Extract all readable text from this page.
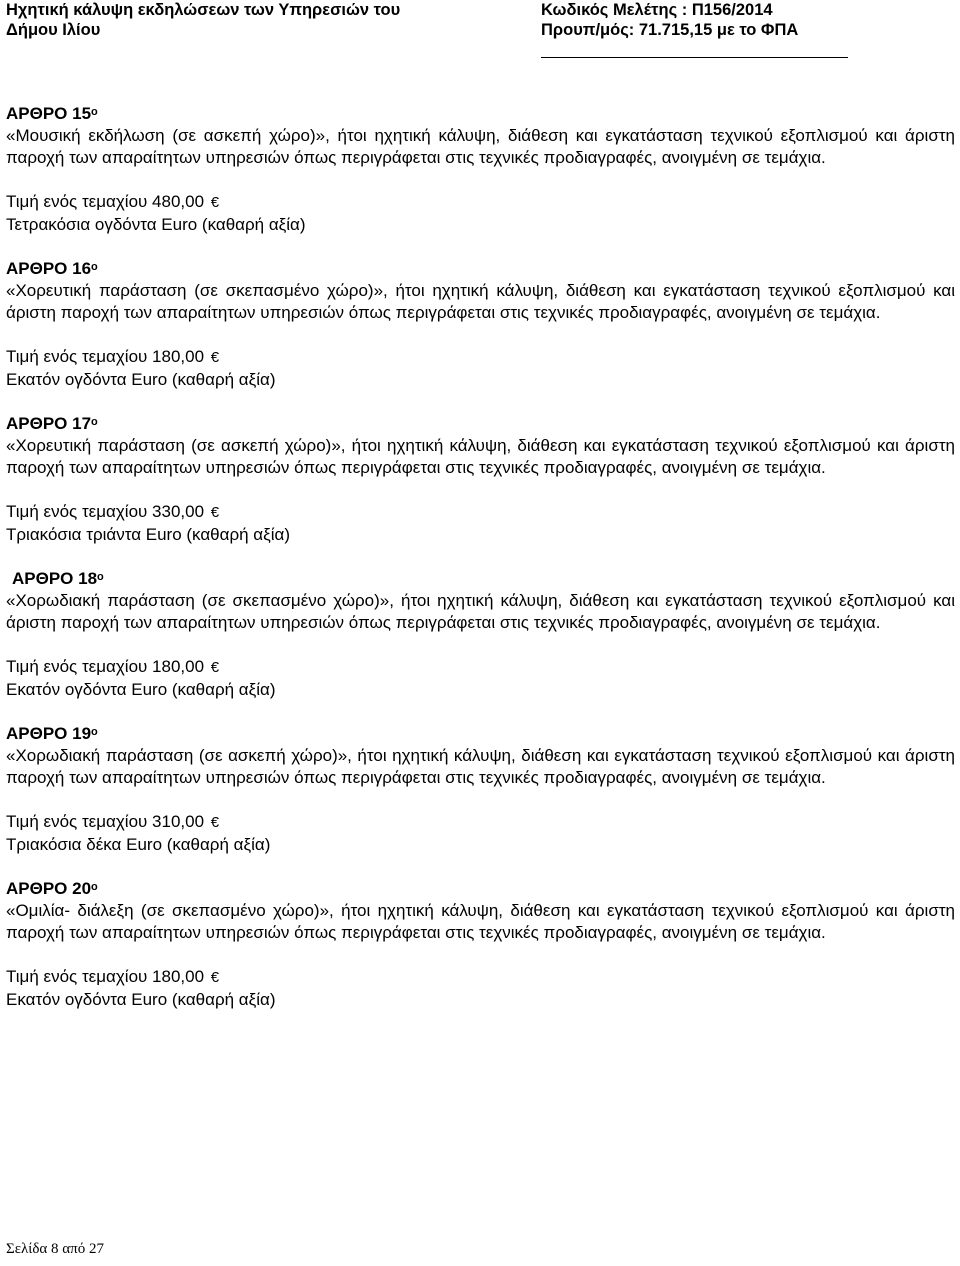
Ηχητική κάλυψη εκδηλώσεων των Υπηρεσιών του
Δήμου Ιλίου
Κωδικός Μελέτης : Π156/2014
Προυπ/μός: 71.715,15 με το ΦΠΑ
ΑΡΘΡΟ $15^o$
«Μουσική εκδήλωση (σε ασκεπή χώρο)», ήτοι ηχητική κάλυψη, διάθεση και εγκατάσταση τεχνικού εξοπλισμού και άριστη παροχή των απαραίτητων υπηρεσιών όπως περιγράφεται στις τεχνικές προδιαγραφές, ανοιγμένη σε τεμάχια.
Τιμή ενός τεμαχίου 480,00 €
Τετρακόσια ογδόντα Euro (καθαρή αξία)
ΑΡΘΡΟ $16^o$
«Χορευτική παράσταση (σε σκεπασμένο χώρο)», ήτοι ηχητική κάλυψη, διάθεση και εγκατάσταση τεχνικού εξοπλισμού και άριστη παροχή των απαραίτητων υπηρεσιών όπως περιγράφεται στις τεχνικές προδιαγραφές, ανοιγμένη σε τεμάχια.
Τιμή ενός τεμαχίου 180,00 €
Εκατόν ογδόντα Euro (καθαρή αξία)
ΑΡΘΡΟ $17^o$
«Χορευτική παράσταση (σε ασκεπή χώρο)», ήτοι ηχητική κάλυψη, διάθεση και εγκατάσταση τεχνικού εξοπλισμού και άριστη παροχή των απαραίτητων υπηρεσιών όπως περιγράφεται στις τεχνικές προδιαγραφές, ανοιγμένη σε τεμάχια.
Τιμή ενός τεμαχίου 330,00 €
Τριακόσια τριάντα Euro (καθαρή αξία)
ΑΡΘΡΟ $18^o$
«Χορωδιακή παράσταση (σε σκεπασμένο χώρο)», ήτοι ηχητική κάλυψη, διάθεση και εγκατάσταση τεχνικού εξοπλισμού και άριστη παροχή των απαραίτητων υπηρεσιών όπως περιγράφεται στις τεχνικές προδιαγραφές, ανοιγμένη σε τεμάχια.
Τιμή ενός τεμαχίου 180,00 €
Εκατόν ογδόντα Euro (καθαρή αξία)
ΑΡΘΡΟ $19^o$
«Χορωδιακή παράσταση (σε ασκεπή χώρο)», ήτοι ηχητική κάλυψη, διάθεση και εγκατάσταση τεχνικού εξοπλισμού και άριστη παροχή των απαραίτητων υπηρεσιών όπως περιγράφεται στις τεχνικές προδιαγραφές, ανοιγμένη σε τεμάχια.
Τιμή ενός τεμαχίου 310,00 €
Τριακόσια δέκα Euro (καθαρή αξία)
ΑΡΘΡΟ $20^o$
«Ομιλία- διάλεξη (σε σκεπασμένο χώρο)», ήτοι ηχητική κάλυψη, διάθεση και εγκατάσταση τεχνικού εξοπλισμού και άριστη παροχή των απαραίτητων υπηρεσιών όπως περιγράφεται στις τεχνικές προδιαγραφές, ανοιγμένη σε τεμάχια.
Τιμή ενός τεμαχίου 180,00 €
Εκατόν ογδόντα Euro (καθαρή αξία)
Σελίδα 8 από 27
